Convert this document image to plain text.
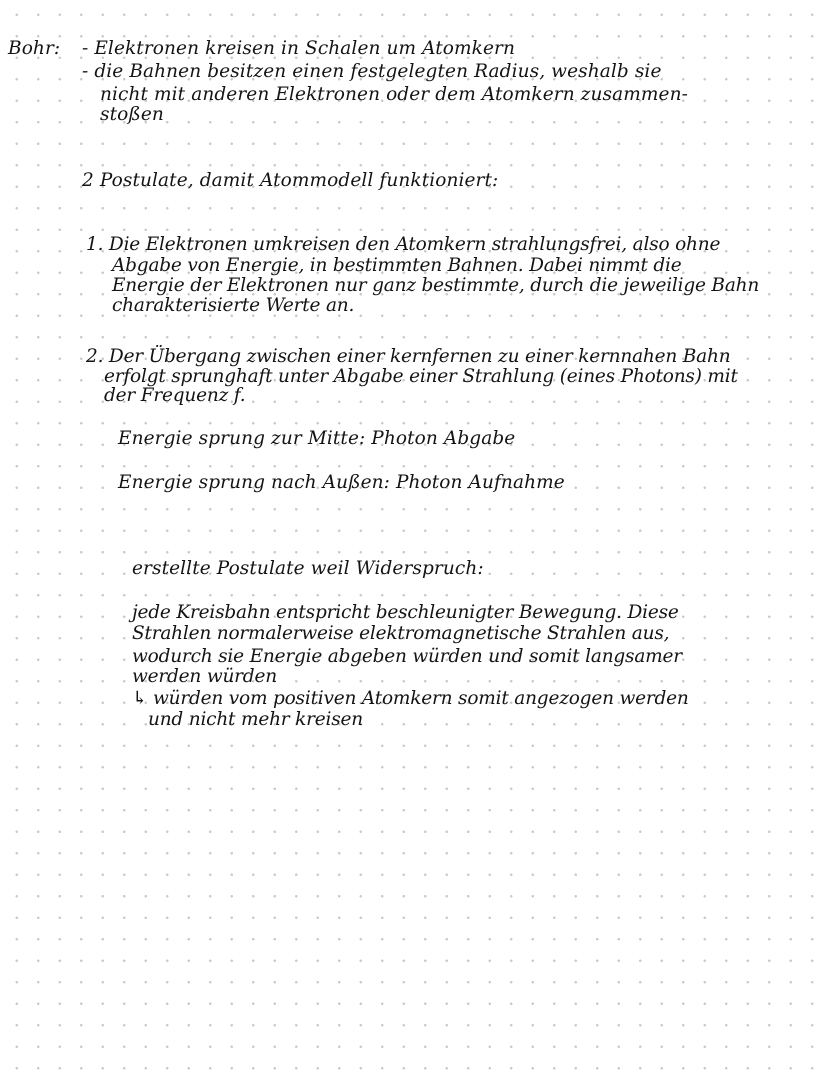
Bohr: - Elektronen kreisen in Schalen um Atomkern
- die Bahnen besitzen einen festgelegten Radius, weshalb sie
nicht mit anderen Elektronen oder dem Atomkern zusammen-
stoßen
2 Postulate, damit Atommodell funktioniert:
1. Die Elektronen umkreisen den Atomkern strahlungsfrei, also ohne
Abgabe von Energie, in bestimmten Bahnen. Dabei nimmt die
Energie der Elektronen nur ganz bestimmte, durch die jeweilige Bahn
charakterisierte Werte an.
2. Der Übergang zwischen einer kernfernen zu einer kernnahen Bahn
erfolgt sprunghaft unter Abgabe einer Strahlung (eines Photons) mit
der Frequenz f.
Energie sprung zur Mitte: Photon Abgabe
Energie sprung nach Außen: Photon Aufnahme
erstellte Postulate weil Widerspruch:
jede Kreisbahn entspricht beschleunigter Bewegung. Diese
Strahlen normalerweise elektromagnetische Strahlen aus,
wodurch sie Energie abgeben würden und somit langsamer
werden würden
↳ würden vom positiven Atomkern somit angezogen werden
und nicht mehr kreisen
